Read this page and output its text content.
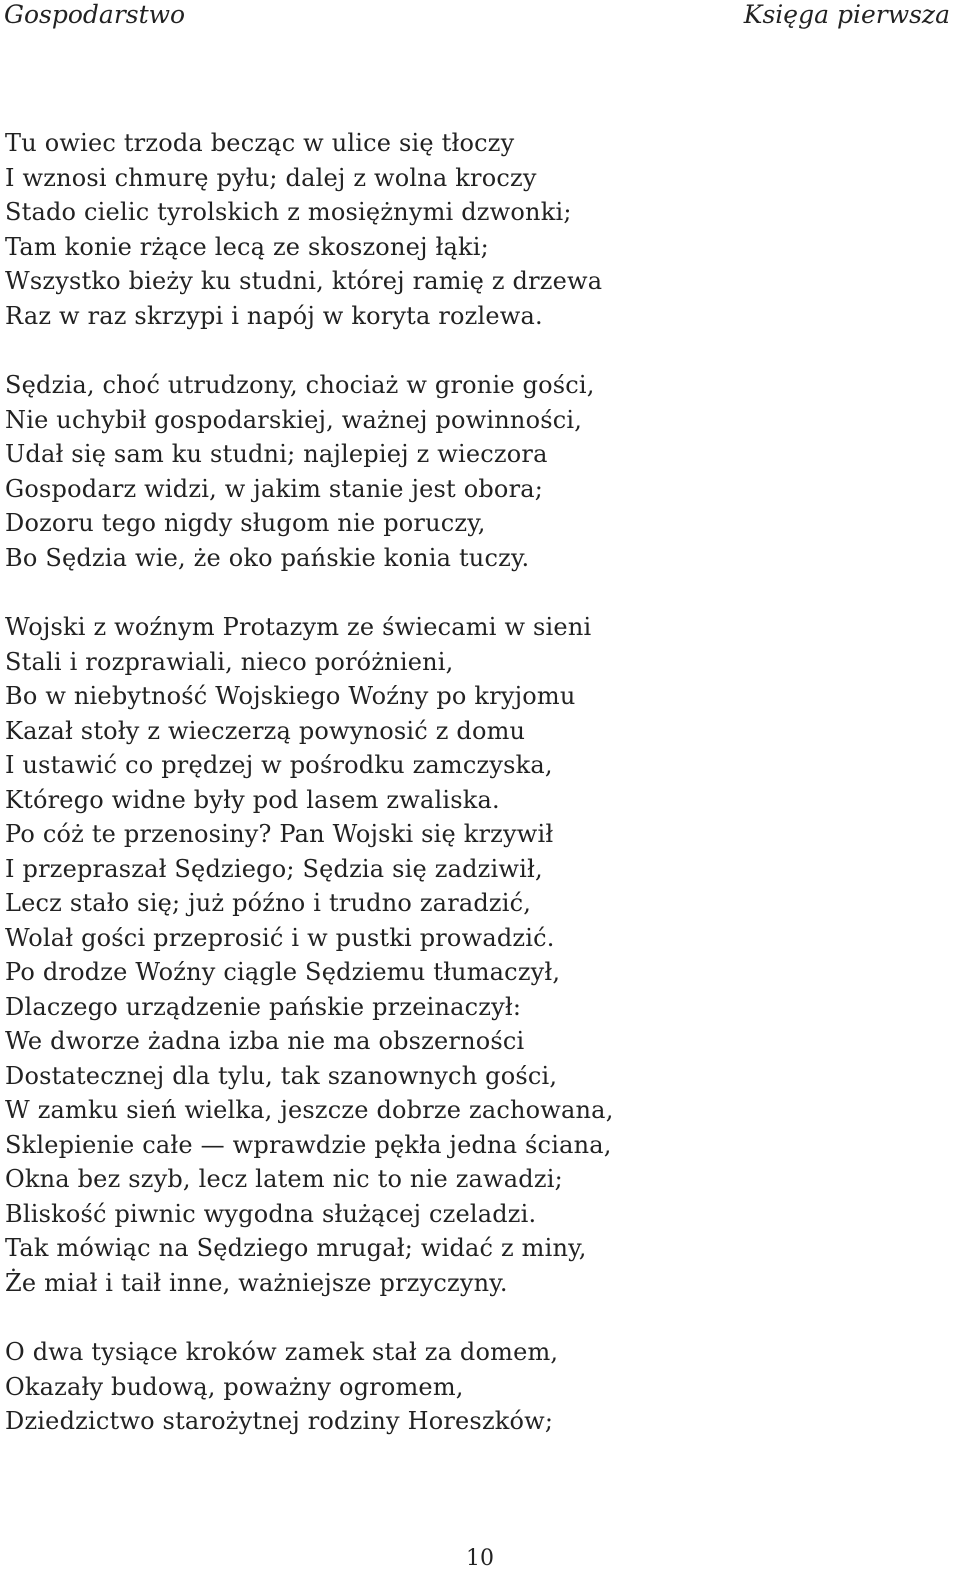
Gospodarstwo	Księga pierwsza
Tu owiec trzoda becząc w ulice się tłoczy
I wznosi chmurę pyłu; dalej z wolna kroczy
Stado cielic tyrolskich z mosiężnymi dzwonki;
Tam konie rżące lecą ze skoszonej łąki;
Wszystko bieży ku studni, której ramię z drzewa
Raz w raz skrzypi i napój w koryta rozlewa.
Sędzia, choć utrudzony, chociaż w gronie gości,
Nie uchybił gospodarskiej, ważnej powinności,
Udał się sam ku studni; najlepiej z wieczora
Gospodarz widzi, w jakim stanie jest obora;
Dozoru tego nigdy sługom nie poruczy,
Bo Sędzia wie, że oko pańskie konia tuczy.
Wojski z woźnym Protazym ze świecami w sieni
Stali i rozprawiali, nieco poróżnieni,
Bo w niebytność Wojskiego Woźny po kryjomu
Kazał stoły z wieczerzą powynosić z domu
I ustawić co prędzej w pośrodku zamczyska,
Którego widne były pod lasem zwaliska.
Po cóż te przenosiny? Pan Wojski się krzywił
I przepraszał Sędziego; Sędzia się zadziwił,
Lecz stało się; już późno i trudno zaradzić,
Wolał gości przeprosić i w pustki prowadzić.
Po drodze Woźny ciągle Sędziemu tłumaczył,
Dlaczego urządzenie pańskie przeinaczył:
We dworze żadna izba nie ma obszerności
Dostatecznej dla tylu, tak szanownych gości,
W zamku sień wielka, jeszcze dobrze zachowana,
Sklepienie całe — wprawdzie pękła jedna ściana,
Okna bez szyb, lecz latem nic to nie zawadzi;
Bliskość piwnic wygodna służącej czeladzi.
Tak mówiąc na Sędziego mrugał; widać z miny,
Że miał i taił inne, ważniejsze przyczyny.
O dwa tysiące kroków zamek stał za domem,
Okazały budową, poważny ogromem,
Dziedzictwo starożytnej rodziny Horeszków;
10
